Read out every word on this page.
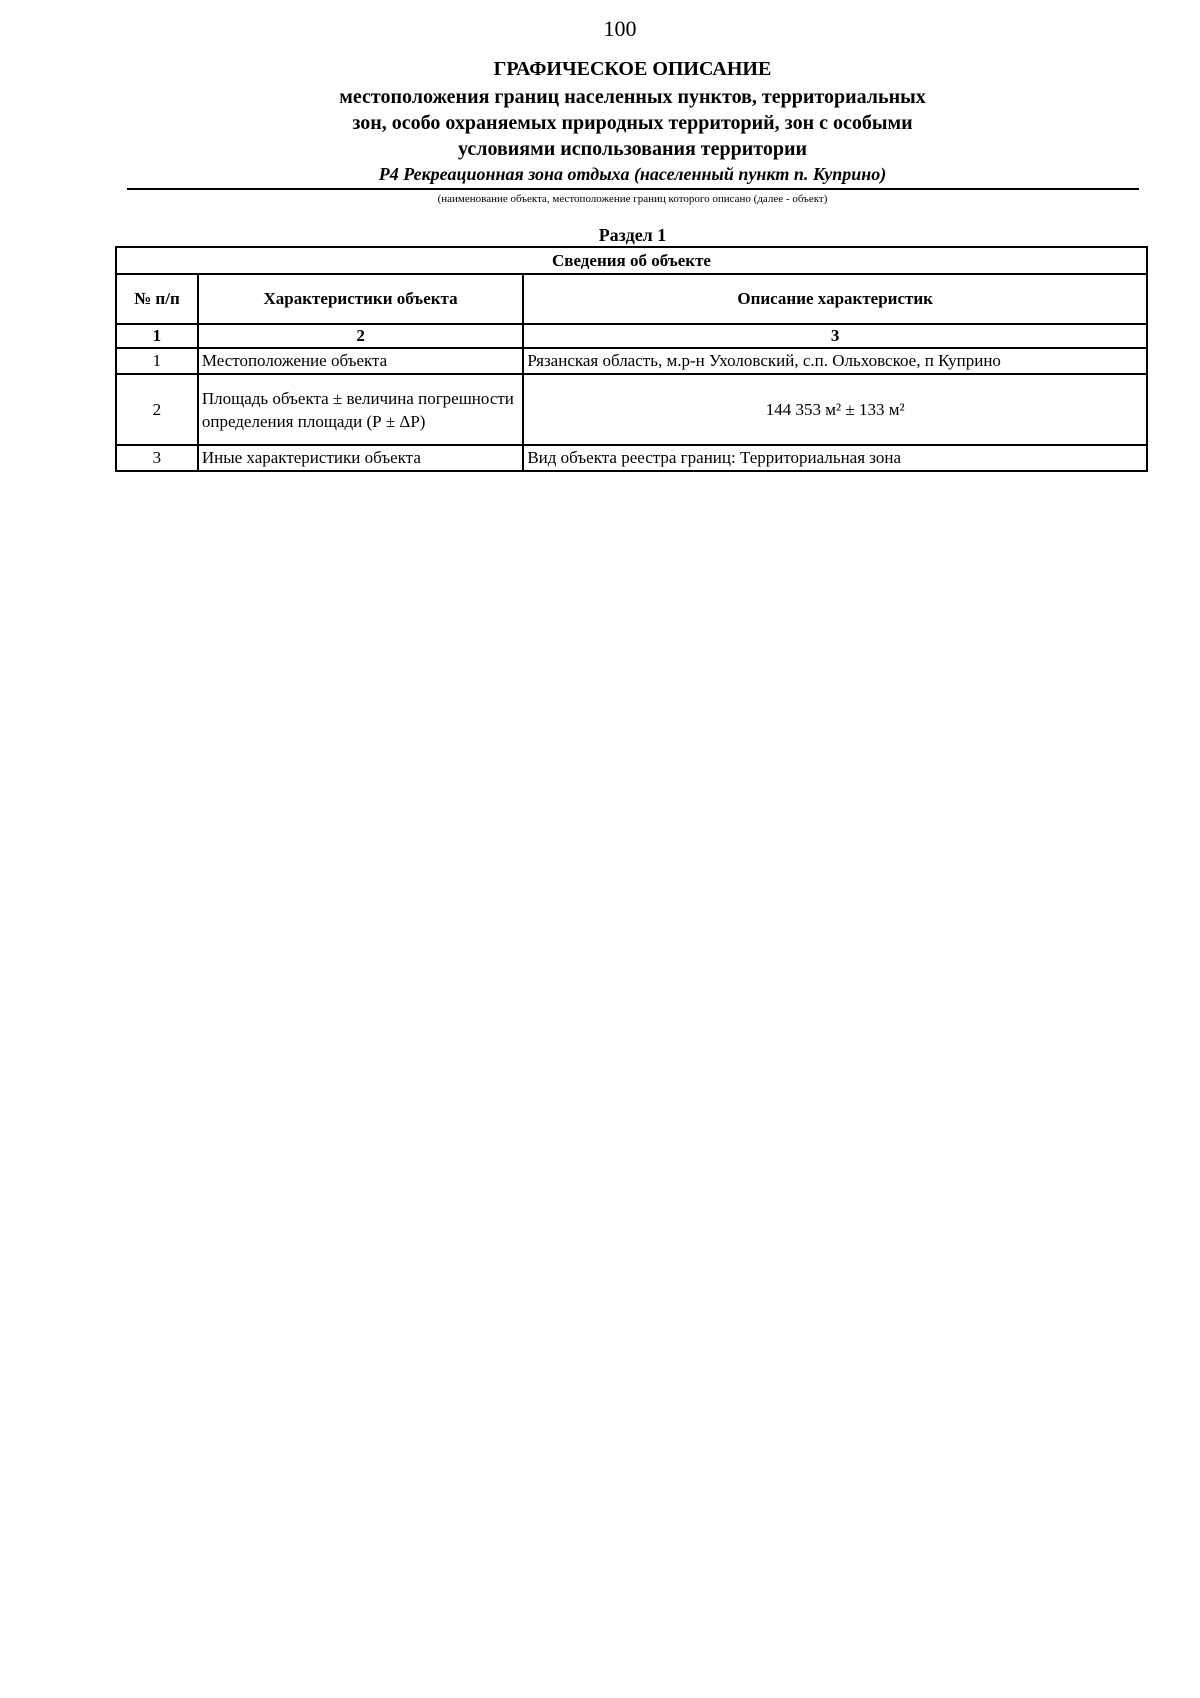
100
ГРАФИЧЕСКОЕ ОПИСАНИЕ
местоположения границ населенных пунктов, территориальных
зон, особо охраняемых природных территорий, зон с особыми
условиями использования территории
Р4 Рекреационная зона отдыха (населенный пункт п. Куприно)
(наименование объекта, местоположение границ которого описано (далее - объект)
Раздел 1
Сведения об объекте		
№ п/п	Характеристики объекта	Описание характеристик
1	2	3
1	Местоположение объекта	Рязанская область, м.р-н Ухоловский, с.п. Ольховское, п Куприно
2	Площадь объекта ± величина погрешности определения площади (Р ± ΔР)	144 353 м² ± 133 м²
3	Иные характеристики объекта	Вид объекта реестра границ: Территориальная зона
